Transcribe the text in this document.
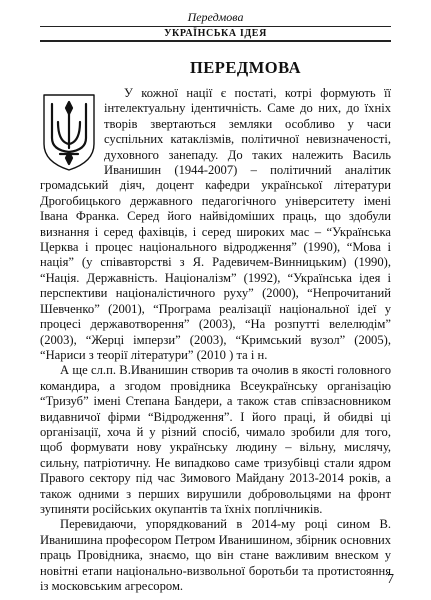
Передмова
УКРАЇНСЬКА ІДЕЯ
ПЕРЕДМОВА

У кожної нації є постаті, котрі формують її інтелектуальну ідентичність. Саме до них, до їхніх творів звертаються земляки особливо у часи суспільних катаклізмів, політичної невизначеності, духовного занепаду. До таких належить Василь Иванишин (1944-2007) – політичний аналітик громадський діяч, доцент кафедри української літератури Дрогобицького державного педагогічного університету імені Івана Франка. Серед його найвідоміших праць, що здобули визнання і серед фахівців, і серед широких мас – “Українська Церква і процес національного відродження” (1990), “Мова і нація” (у співавторстві з Я. Радевичем-Винницьким) (1990), “Нація. Державність. Націоналізм” (1992), “Українська ідея і перспективи націоналістичного руху” (2000), “Непрочитаний Шевченко” (2001), “Програма реалізації національної ідеї у процесі державотворення” (2003), “На розпутті велелюдім” (2003), “Жерці імперзи” (2003), “Кримський вузол” (2005), “Нариси з теорії літератури” (2010 ) та і н.

А ще сл.п. В.Иванишин створив та очолив в якості головного командира, а згодом провідника Всеукраїнську організацію “Тризуб” імені Степана Бандери, а також став співзасновником видавничої фірми “Відродження”. І його праці, й обидві ці організації, хоча й у різний спосіб, чимало зробили для того, щоб формувати нову українську людину – вільну, мислячу, сильну, патріотичну. Не випадково саме тризубівці стали ядром Правого сектору під час Зимового Майдану 2013-2014 років, а також одними з перших вирушили добровольцями на фронт зупиняти російських окупантів та їхніх поплічників.

Перевидаючи, упорядкований в 2014-му році сином В. Иванишина професором Петром Иванишином, збірник основних праць Провідника, знаємо, що він стане важливим внеском у новітні етапи національно-визвольної боротьби та протистояння із московським агресором.	7
